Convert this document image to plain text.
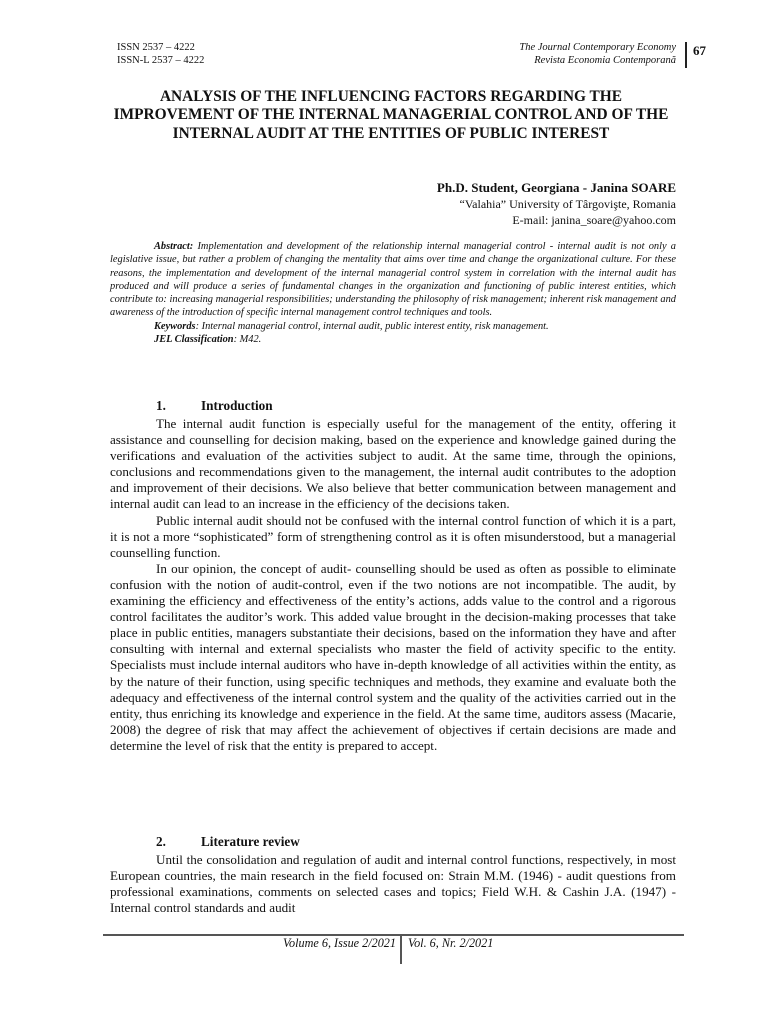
ISSN 2537 – 4222
ISSN-L 2537 – 4222
The Journal Contemporary Economy
Revista Economia Contemporană
67
ANALYSIS OF THE INFLUENCING FACTORS REGARDING THE IMPROVEMENT OF THE INTERNAL MANAGERIAL CONTROL AND OF THE INTERNAL AUDIT AT THE ENTITIES OF PUBLIC INTEREST
Ph.D. Student, Georgiana - Janina SOARE
“Valahia” University of Târgovişte, Romania
E-mail: janina_soare@yahoo.com

Abstract: Implementation and development of the relationship internal managerial control - internal audit is not only a legislative issue, but rather a problem of changing the mentality that aims over time and change the organizational culture. For these reasons, the implementation and development of the internal managerial control system in correlation with the internal audit has produced and will produce a series of fundamental changes in the organization and functioning of public interest entities, which contribute to: increasing managerial responsibilities; understanding the philosophy of risk management; inherent risk management and awareness of the introduction of specific internal management control techniques and tools.

Keywords: Internal managerial control, internal audit, public interest entity, risk management.

JEL Classification: M42.

1.	Introduction

The internal audit function is especially useful for the management of the entity, offering it assistance and counselling for decision making, based on the experience and knowledge gained during the verifications and evaluation of the activities subject to audit. At the same time, through the opinions, conclusions and recommendations given to the management, the internal audit contributes to the adoption and improvement of their decisions. We also believe that better communication between management and internal audit can lead to an increase in the efficiency of the decisions taken.

Public internal audit should not be confused with the internal control function of which it is a part, it is not a more “sophisticated” form of strengthening control as it is often misunderstood, but a managerial counselling function.

In our opinion, the concept of audit- counselling should be used as often as possible to eliminate confusion with the notion of audit-control, even if the two notions are not incompatible. The audit, by examining the efficiency and effectiveness of the entity’s actions, adds value to the control and a rigorous control facilitates the auditor’s work. This added value brought in the decision-making processes that take place in public entities, managers substantiate their decisions, based on the information they have and after consulting with internal and external specialists who master the field of activity specific to the entity. Specialists must include internal auditors who have in-depth knowledge of all activities within the entity, as by the nature of their function, using specific techniques and methods, they examine and evaluate both the adequacy and effectiveness of the internal control system and the quality of the activities carried out in the entity, thus enriching its knowledge and experience in the field. At the same time, auditors assess (Macarie, 2008) the degree of risk that may affect the achievement of objectives if certain decisions are made and determine the level of risk that the entity is prepared to accept.

2.	Literature review

Until the consolidation and regulation of audit and internal control functions, respectively, in most European countries, the main research in the field focused on: Strain M.M. (1946) - audit questions from professional examinations, comments on selected cases and topics; Field W.H. & Cashin J.A. (1947) - Internal control standards and audit

Volume 6, Issue 2/2021 Vol. 6, Nr. 2/2021
